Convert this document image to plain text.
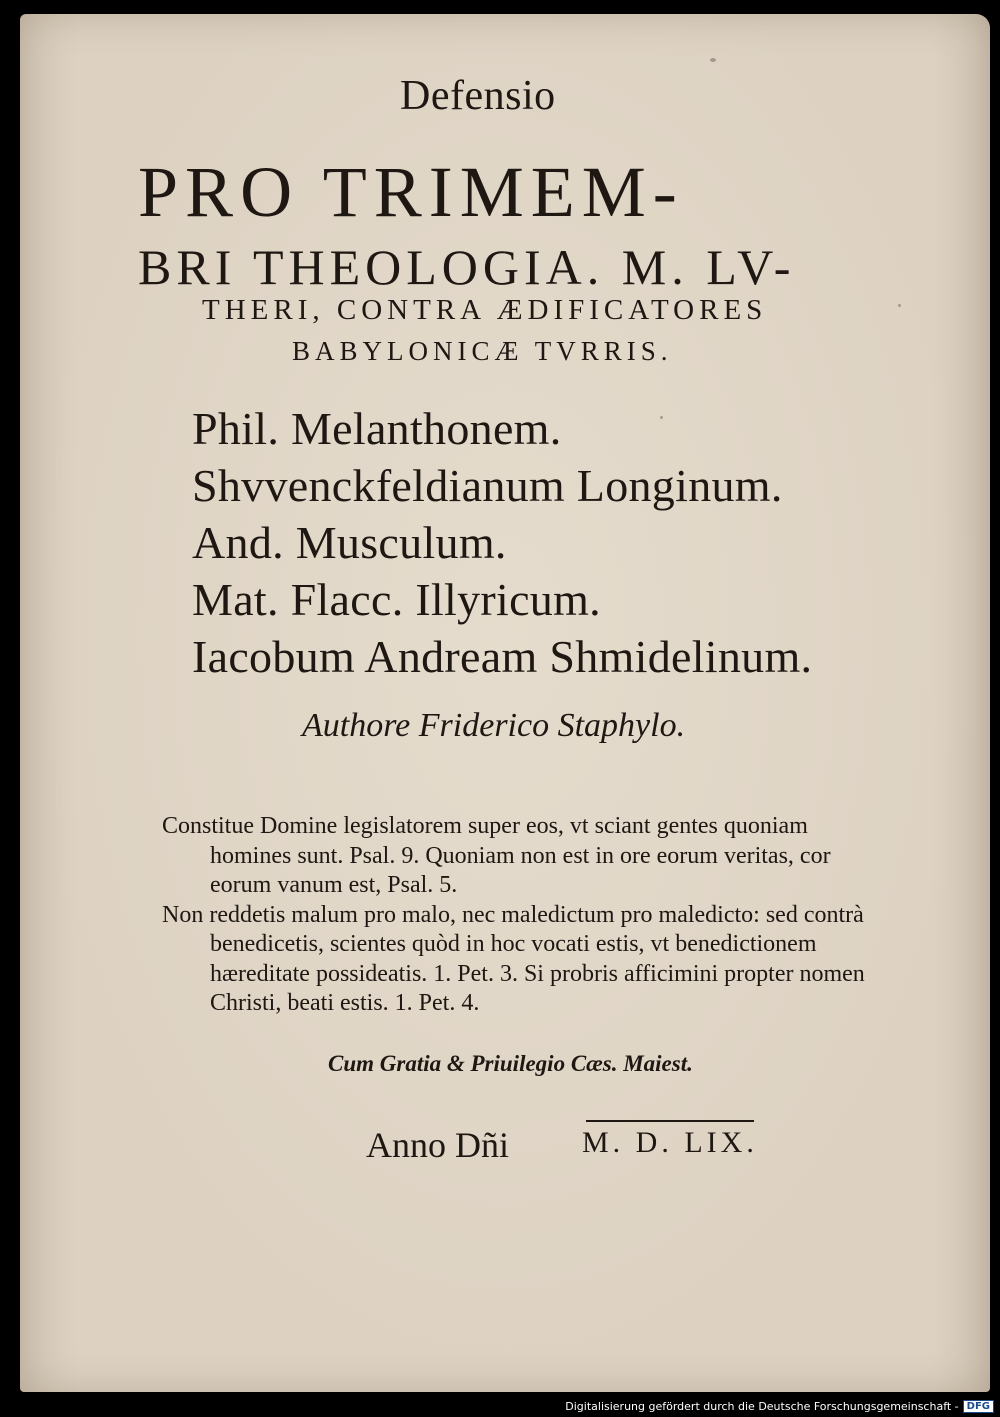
Defensio
PRO TRIMEM-
BRI THEOLOGIA. M. LV-
THERI, CONTRA ÆDIFICATORES
BABYLONICÆ TVRRIS.
Phil. Melanthonem.
Shvvenckfeldianum Longinum.
And. Musculum.
Mat. Flacc. Illyricum.
Iacobum Andream Shmidelinum.
Authore Friderico Staphylo.

Constitue Domine legislatorem super eos, vt sciant gentes quoniam homines sunt. Psal. 9. Quoniam non est in ore eorum veritas, cor eorum vanum est, Psal. 5.

Non reddetis malum pro malo, nec maledictum pro maledicto: sed contrà benedicetis, scientes quòd in hoc vocati estis, vt benedictionem hæreditate possideatis. 1. Pet. 3. Si probris afficimini propter nomen Christi, beati estis. 1. Pet. 4.

Cum Gratia & Priuilegio Cæs. Maiest.
Anno Dñi M. D. LIX.
Digitalisierung gefördert durch die Deutsche Forschungsgemeinschaft - DFG
